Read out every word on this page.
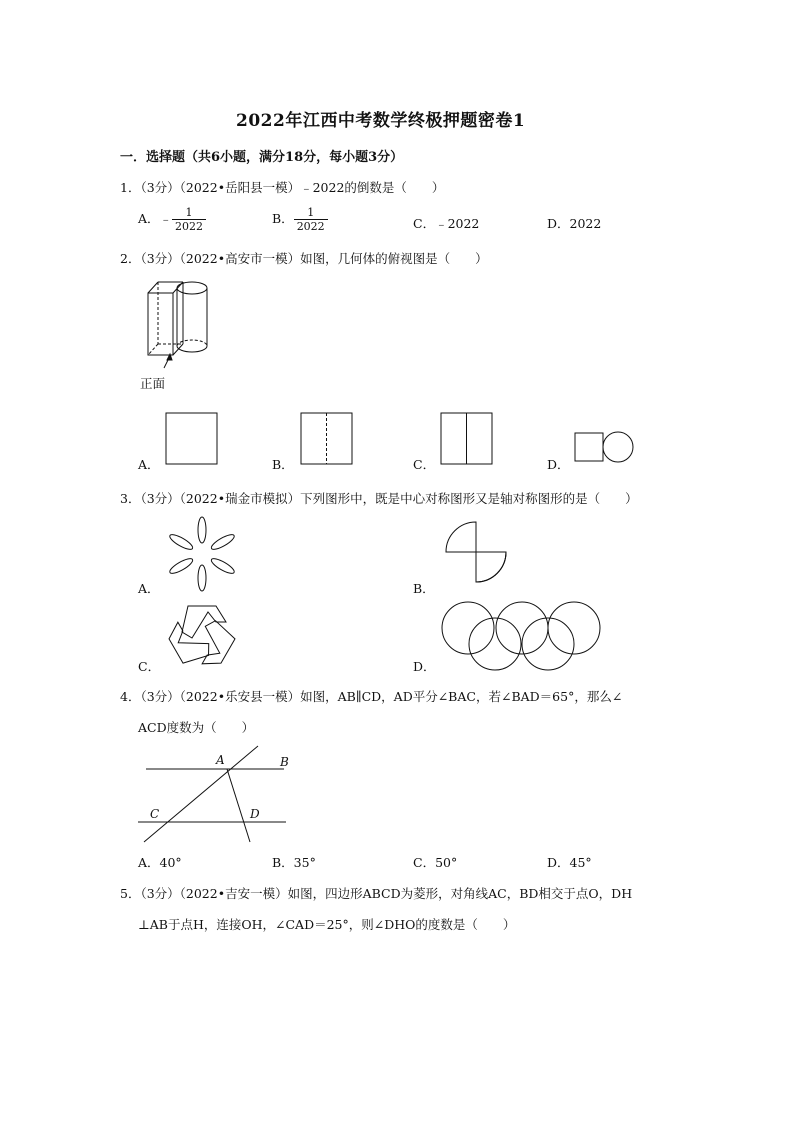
2022年江西中考数学终极押题密卷1
一．选择题（共6小题，满分18分，每小题3分）
1．（3分）（2022•岳阳县一模）﹣2022的倒数是（　　）
A．﹣ $\frac{1}{2022}$	B． $\frac{1}{2022}$	C．﹣2022	D．2022
2．（3分）（2022•高安市一模）如图，几何体的俯视图是（　　）
正面
A．	B．	C．	D．
3．（3分）（2022•瑞金市模拟）下列图形中，既是中心对称图形又是轴对称图形的是（　　）
A．	B．
C．	D．
4．（3分）（2022•乐安县一模）如图，AB∥CD，AD平分∠BAC，若∠BAD＝65°，那么∠
ACD度数为（　　）
A	B
C	D
A．40°	B．35°	C．50°	D．45°
5．（3分）（2022•吉安一模）如图，四边形ABCD为菱形，对角线AC，BD相交于点O，DH
⊥AB于点H，连接OH，∠CAD＝25°，则∠DHO的度数是（　　）
